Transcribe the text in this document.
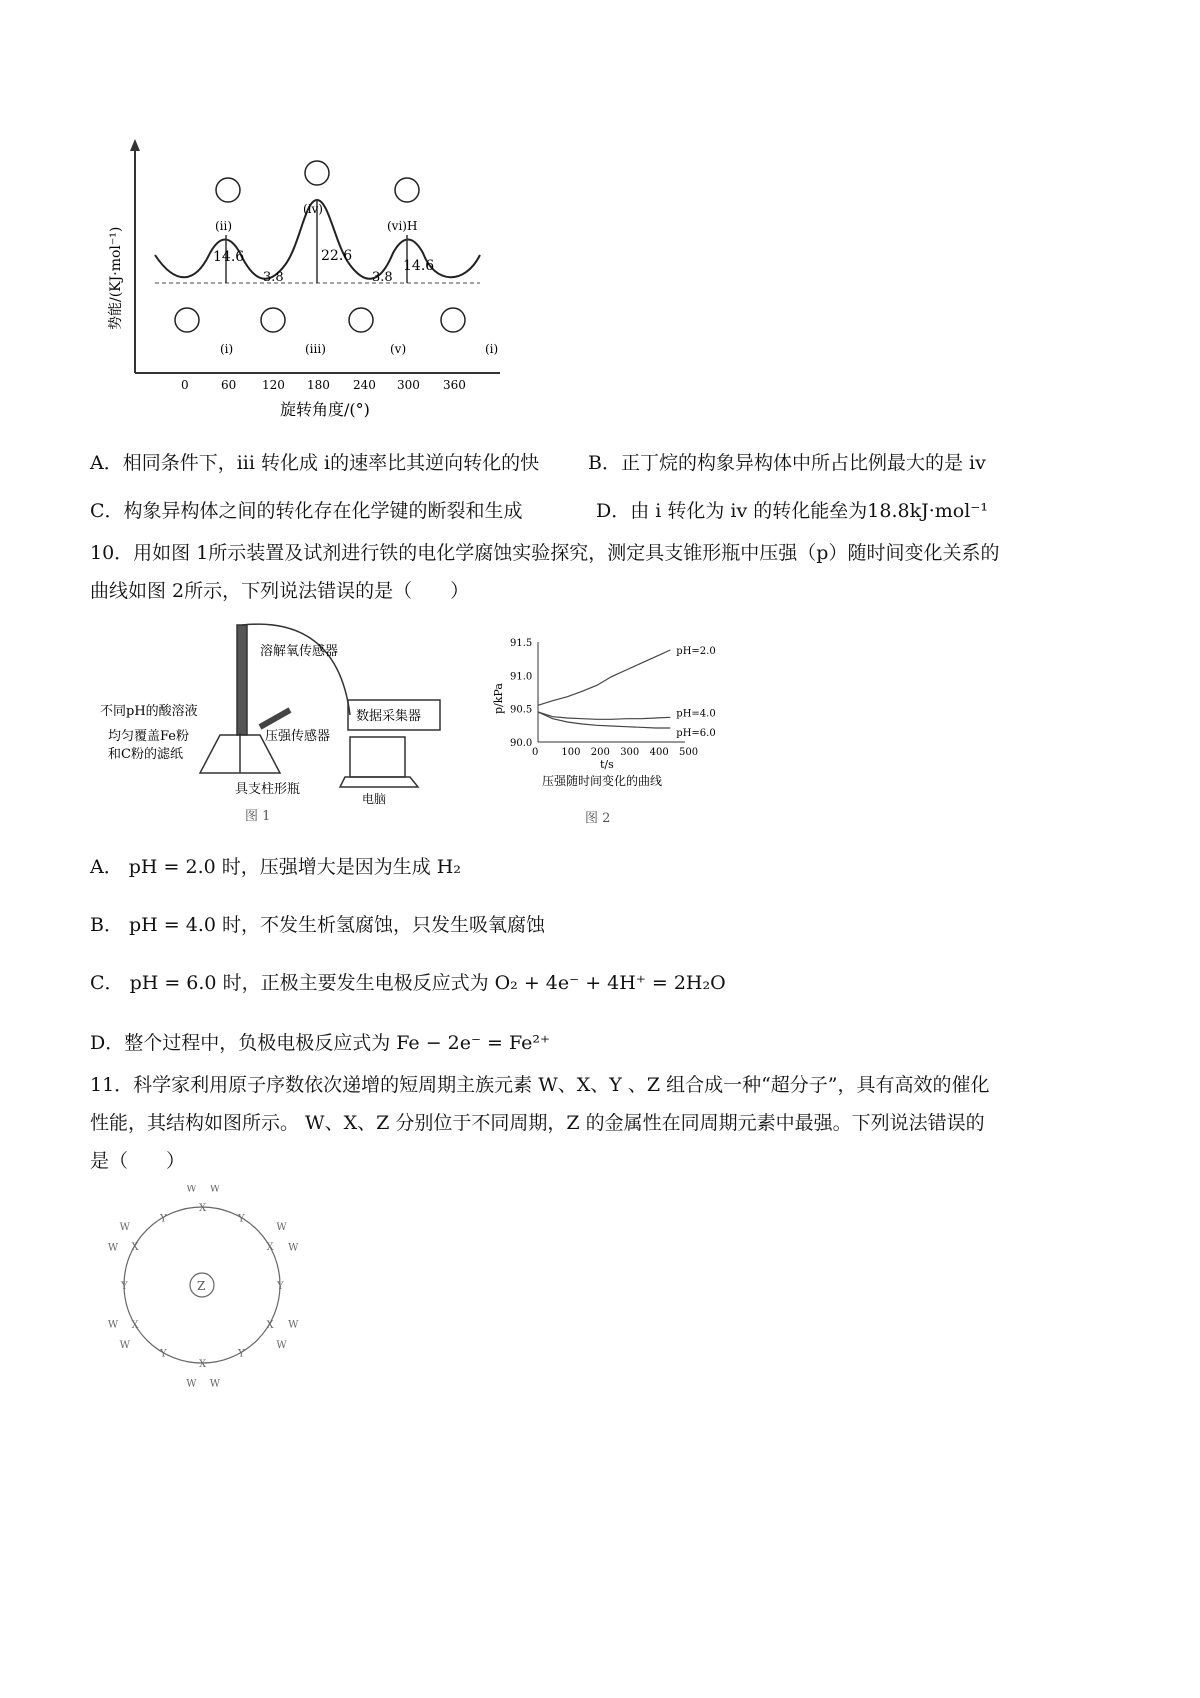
14.6	22.6
14.6
3.8	3.8
(ii)
(iv)
(vi)H
(i)	(iii)	(v)	(i)
势能/(KJ·mol⁻¹)
0	60 120 180 240 300 360
旋转角度/(°)
A．相同条件下，iii 转化成 i的速率比其逆向转化的快	B．正丁烷的构象异构体中所占比例最大的是 iv
C．构象异构体之间的转化存在化学键的断裂和生成	D．由 i 转化为 iv 的转化能垒为18.8kJ·mol⁻¹
10．用如图 1所示装置及试剂进行铁的电化学腐蚀实验探究，测定具支锥形瓶中压强（p）随时间变化关系的
曲线如图 2所示，下列说法错误的是（　　）
溶解氧传感器
不同pH的酸溶液
均匀覆盖Fe粉
和C粉的滤纸
压强传感器
数据采集器
具支柱形瓶
电脑
图 1
91.5
91.0
90.5
90.0
0 100 200 300 400 500
pH=2.0
pH=4.0
pH=6.0
p/kPa
t/s
压强随时间变化的曲线
图 2
A． pH = 2.0 时，压强增大是因为生成 H₂
B． pH = 4.0 时，不发生析氢腐蚀，只发生吸氧腐蚀
C． pH = 6.0 时，正极主要发生电极反应式为 O₂ + 4e⁻ + 4H⁺ = 2H₂O
D．整个过程中，负极电极反应式为 Fe − 2e⁻ = Fe²⁺
11．科学家利用原子序数依次递增的短周期主族元素 W、X、Y 、Z 组合成一种“超分子”，具有高效的催化
性能，其结构如图所示。 W、X、Z 分别位于不同周期，Z 的金属性在同周期元素中最强。下列说法错误的
是（　　）
Z
X
W W
Y
X
W
W
Y
X W
W
Y
X
W
W
Y
X
W
W
Y
X
W
W
Y
